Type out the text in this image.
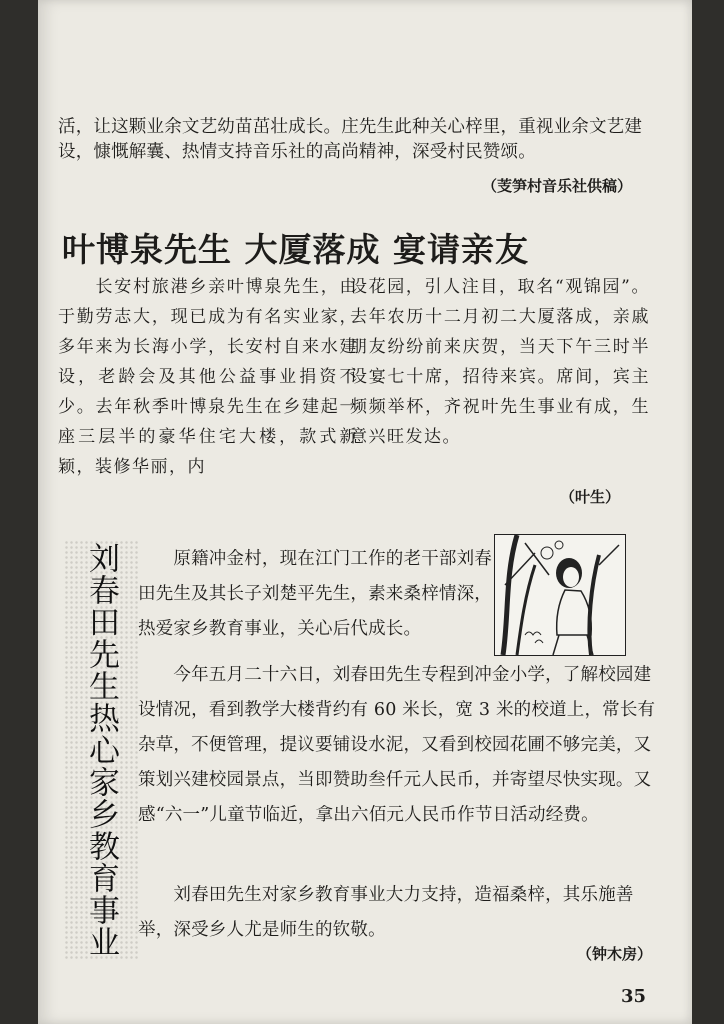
活，让这颗业余文艺幼苗茁壮成长。庄先生此种关心梓里，重视业余文艺建设，慷慨解囊、热情支持音乐社的高尚精神，深受村民赞颂。

（芰笋村音乐社供稿）
叶博泉先生 大厦落成 宴请亲友

　　长安村旅港乡亲叶博泉先生，由于勤劳志大，现已成为有名实业家，多年来为长海小学，长安村自来水建设，老龄会及其他公益事业捐资不少。去年秋季叶博泉先生在乡建起一座三层半的豪华住宅大楼，款式新颖，装修华丽，内

设花园，引人注目，取名“观锦园”。去年农历十二月初二大厦落成，亲戚朋友纷纷前来庆贺，当天下午三时半设宴七十席，招待来宾。席间，宾主频频举杯，齐祝叶先生事业有成，生意兴旺发达。

（叶生）
刘春田先生热心家乡教育事业 　　原籍冲金村，现在江门工作的老干部刘春田先生及其长子刘楚平先生，素来桑梓情深，热爱家乡教育事业，关心后代成长。

　　今年五月二十六日，刘春田先生专程到冲金小学，了解校园建设情况，看到教学大楼背约有 60 米长，宽 3 米的校道上，常长有杂草，不便管理，提议要铺设水泥，又看到校园花圃不够完美，又策划兴建校园景点，当即赞助叁仟元人民币，并寄望尽快实现。又感“六一”儿童节临近，拿出六佰元人民币作节日活动经费。

　　刘春田先生对家乡教育事业大力支持，造福桑梓，其乐施善举，深受乡人尤是师生的钦敬。

（钟木房）
35
